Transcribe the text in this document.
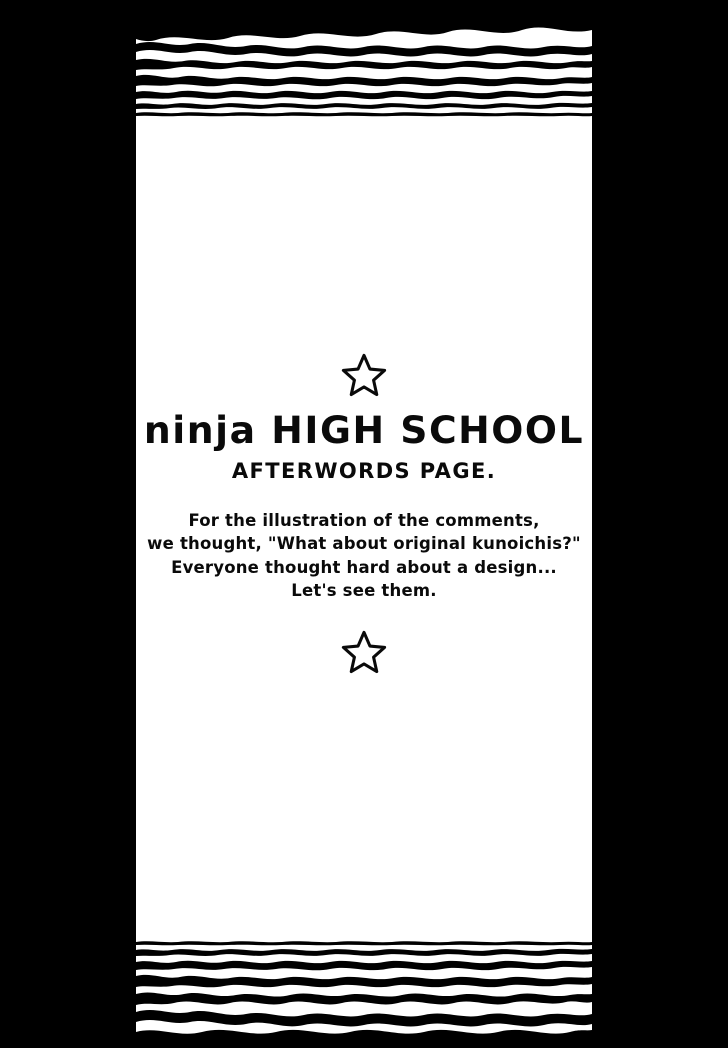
ninja HIGH SCHOOL
AFTERWORDS PAGE.

For the illustration of the comments,
we thought, "What about original kunoichis?"
Everyone thought hard about a design...
Let's see them.
